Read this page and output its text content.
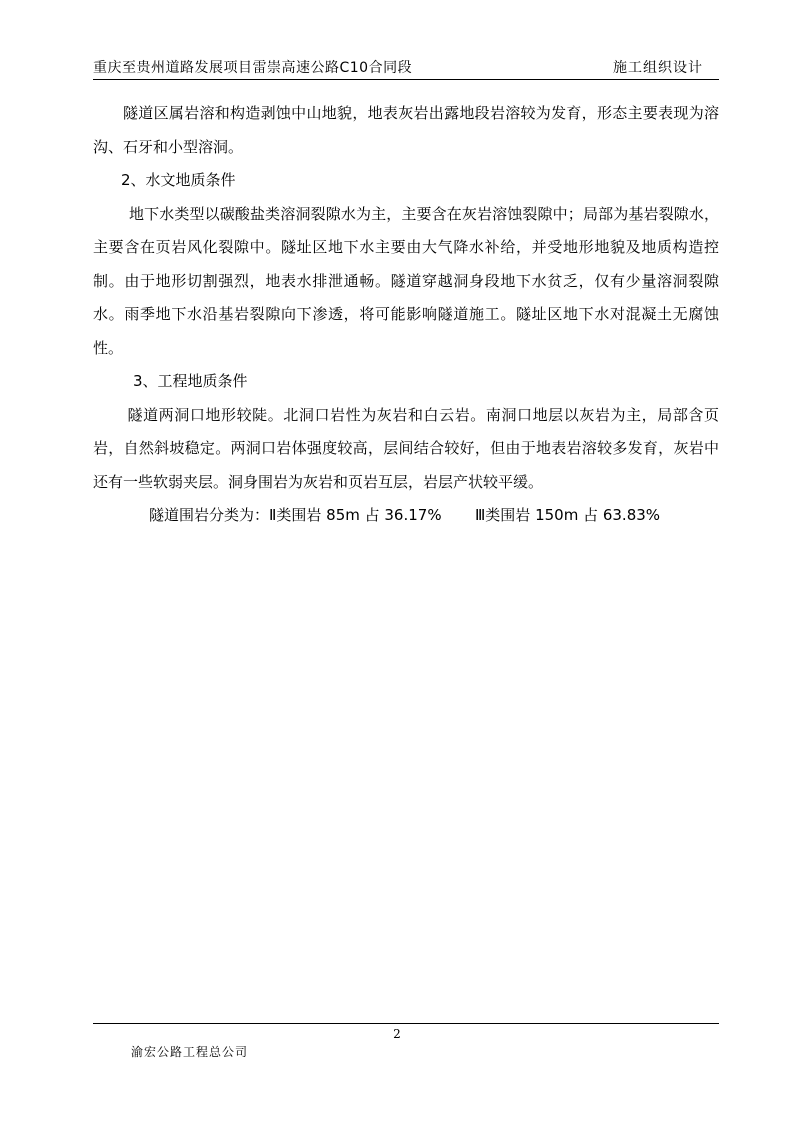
重庆至贵州道路发展项目雷崇高速公路C10合同段	施工组织设计

隧道区属岩溶和构造剥蚀中山地貌，地表灰岩出露地段岩溶较为发育，形态主要表现为溶沟、石牙和小型溶洞。

2、水文地质条件

地下水类型以碳酸盐类溶洞裂隙水为主，主要含在灰岩溶蚀裂隙中；局部为基岩裂隙水，主要含在页岩风化裂隙中。隧址区地下水主要由大气降水补给，并受地形地貌及地质构造控制。由于地形切割强烈，地表水排泄通畅。隧道穿越洞身段地下水贫乏，仅有少量溶洞裂隙水。雨季地下水沿基岩裂隙向下渗透，将可能影响隧道施工。隧址区地下水对混凝土无腐蚀性。

3、工程地质条件

隧道两洞口地形较陡。北洞口岩性为灰岩和白云岩。南洞口地层以灰岩为主，局部含页岩，自然斜坡稳定。两洞口岩体强度较高，层间结合较好，但由于地表岩溶较多发育，灰岩中还有一些软弱夹层。洞身围岩为灰岩和页岩互层，岩层产状较平缓。

隧道围岩分类为：Ⅱ类围岩 85m 占 36.17%       Ⅲ类围岩 150m 占 63.83%

2
渝宏公路工程总公司
